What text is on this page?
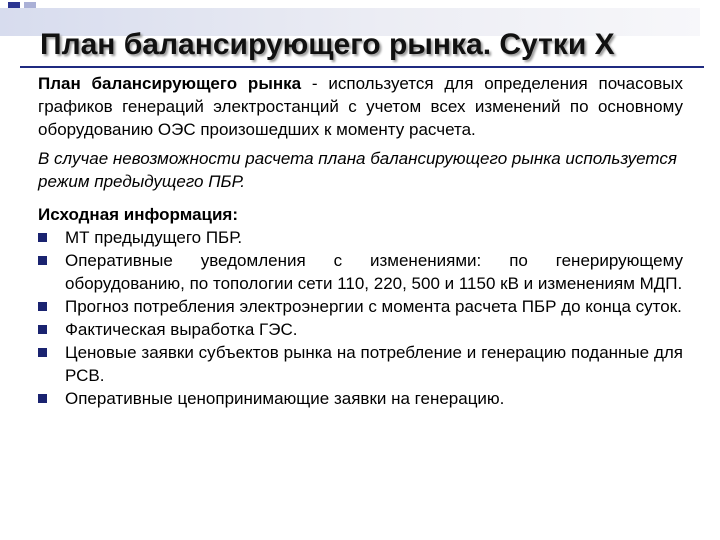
План балансирующего рынка. Сутки X

План балансирующего рынка - используется для определения почасовых графиков генераций электростанций с учетом всех изменений по основному оборудованию ОЭС произошедших к моменту расчета.

В случае невозможности расчета плана балансирующего рынка используется режим предыдущего ПБР.

Исходная информация:

МТ предыдущего ПБР.
Оперативные уведомления с изменениями: по генерирующему оборудованию, по топологии сети 110, 220, 500 и 1150 кВ и изменениям МДП.
Прогноз потребления электроэнергии с момента расчета ПБР до конца суток.
Фактическая выработка ГЭС.
Ценовые заявки субъектов рынка на потребление и генерацию поданные для РСВ.
Оперативные ценопринимающие заявки на генерацию.
